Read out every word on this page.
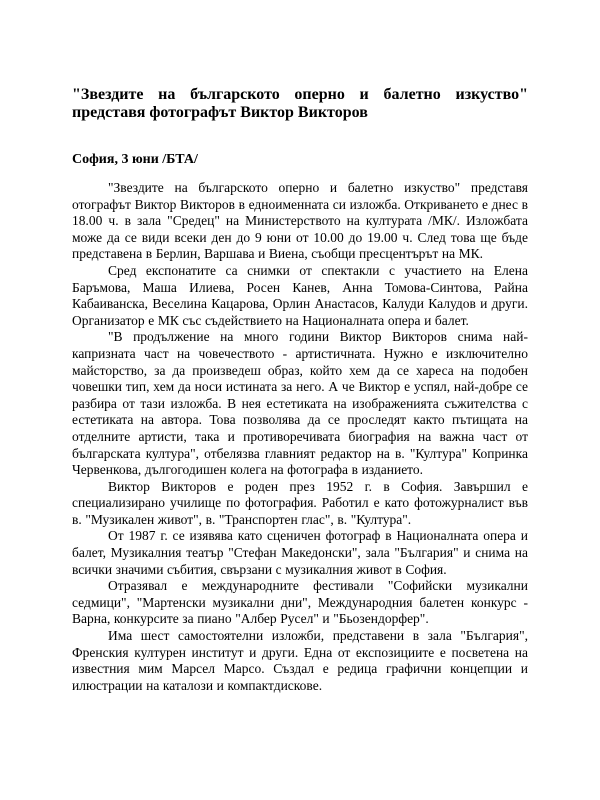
"Звездите на българското оперно и балетно изкуство" представя фотографът Виктор Викторов

София, 3 юни /БТА/

"Звездите на българското оперно и балетно изкуство" представя отографът Виктор Викторов в едноименната си изложба. Откриването е днес в 18.00 ч. в зала "Средец" на Министерството на културата /МК/. Изложбата може да се види всеки ден до 9 юни от 10.00 до 19.00 ч. След това ще бъде представена в Берлин, Варшава и Виена, съобщи пресцентърът на МК.

Сред експонатите са снимки от спектакли с участието на Елена Баръмова, Маша Илиева, Росен Канев, Анна Томова-Синтова, Райна Кабаиванска, Веселина Кацарова, Орлин Анастасов, Калуди Калудов и други. Организатор е МК със съдействието на Националната опера и балет.

"В продължение на много години Виктор Викторов снима най-капризната част на човечеството - артистичната. Нужно е изключително майсторство, за да произведеш образ, който хем да се хареса на подобен човешки тип, хем да носи истината за него. А че Виктор е успял, най-добре се разбира от тази изложба. В нея естетиката на изображенията съжителства с естетиката на автора. Това позволява да се проследят както пътищата на отделните артисти, така и противоречивата биография на важна част от българската култура", отбелязва главният редактор на в. "Култура" Копринка Червенкова, дългогодишен колега на фотографа в изданието.

Виктор Викторов е роден през 1952 г. в София. Завършил е специализирано училище по фотография. Работил е като фотожурналист във в. "Музикален живот", в. "Транспортен глас", в. "Култура".

От 1987 г. се изявява като сценичен фотограф в Националната опера и балет, Музикалния театър "Стефан Македонски", зала "България" и снима на всички значими събития, свързани с музикалния живот в София.

Отразявал е международните фестивали "Софийски музикални седмици", "Мартенски музикални дни", Международния балетен конкурс - Варна, конкурсите за пиано "Албер Русел" и "Бьозендорфер".

Има шест самостоятелни изложби, представени в зала "България", Френския културен институт и други. Една от експозициите е посветена на известния мим Марсел Марсо. Създал е редица графични концепции и илюстрации на каталози и компактдискове.
